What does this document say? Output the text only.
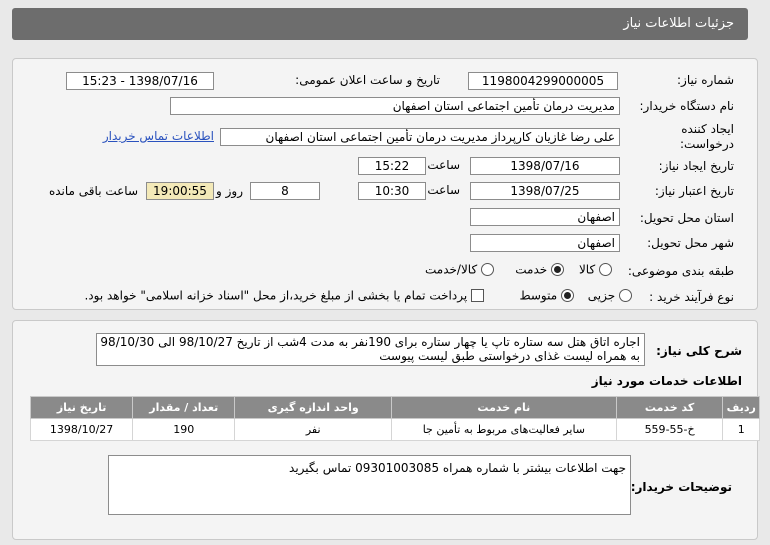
جزئیات اطلاعات نیاز
شماره نیاز:
1198004299000005
تاریخ و ساعت اعلان عمومی:
1398/07/16 - 15:23
نام دستگاه خریدار:
مدیریت درمان تأمین اجتماعی استان اصفهان
ایجاد کننده درخواست:
علی رضا غازیان کارپرداز مدیریت درمان تأمین اجتماعی استان اصفهان
اطلاعات تماس خریدار
تاریخ ایجاد نیاز:
1398/07/16
ساعت
15:22
تاریخ اعتبار نیاز:
1398/07/25
ساعت
10:30
8
روز و
19:00:55
ساعت باقی مانده
استان محل تحویل:
اصفهان
شهر محل تحویل:
اصفهان
طبقه بندی موضوعی:
کالا
خدمت
کالا/خدمت
نوع فرآیند خرید :
جزیی
متوسط
پرداخت تمام یا بخشی از مبلغ خرید،از محل "اسناد خزانه اسلامی" خواهد بود.
شرح کلی نیاز:
اجاره اتاق هتل سه ستاره تاپ یا چهار ستاره برای 190نفر به مدت 4شب از تاریخ 98/10/27 الی 98/10/30
به همراه لیست غذای درخواستی طبق لیست پیوست
اطلاعات خدمات مورد نیاز
ردیف	کد خدمت	نام خدمت	واحد اندازه گیری	تعداد / مقدار	تاریخ نیاز
1	خ-55-559	سایر فعالیت‌های مربوط به تأمین جا	نفر	190	1398/10/27
توضیحات خریدار:
جهت اطلاعات بیشتر با شماره همراه 09301003085 تماس بگیرید
